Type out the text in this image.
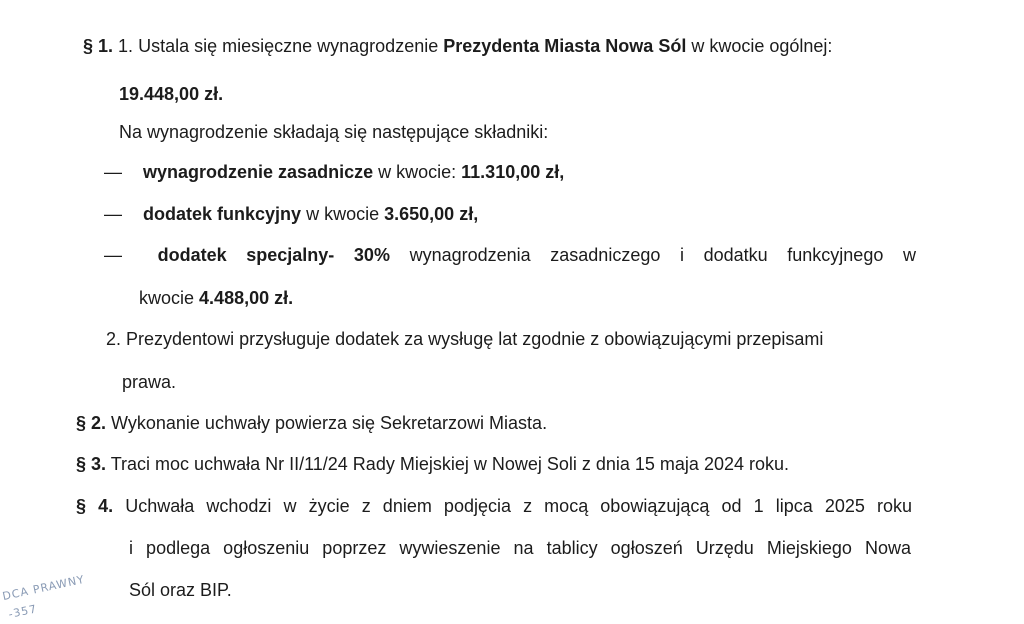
§ 1. 1. Ustala się miesięczne wynagrodzenie Prezydenta Miasta Nowa Sól w kwocie ogólnej:
19.448,00 zł.
Na wynagrodzenie składają się następujące składniki:
— wynagrodzenie zasadnicze w kwocie: 11.310,00 zł,
— dodatek funkcyjny w kwocie 3.650,00 zł,
— dodatek specjalny- 30% wynagrodzenia zasadniczego i dodatku funkcyjnego w
kwocie 4.488,00 zł.
2. Prezydentowi przysługuje dodatek za wysługę lat zgodnie z obowiązującymi przepisami
prawa.
§ 2. Wykonanie uchwały powierza się Sekretarzowi Miasta.
§ 3. Traci moc uchwała Nr II/11/24 Rady Miejskiej w Nowej Soli z dnia 15 maja 2024 roku.
§ 4. Uchwała wchodzi w życie z dniem podjęcia z mocą obowiązującą od 1 lipca 2025 roku
i podlega ogłoszeniu poprzez wywieszenie na tablicy ogłoszeń Urzędu Miejskiego Nowa
Sól oraz BIP.
DCA PRAWNY
-357
